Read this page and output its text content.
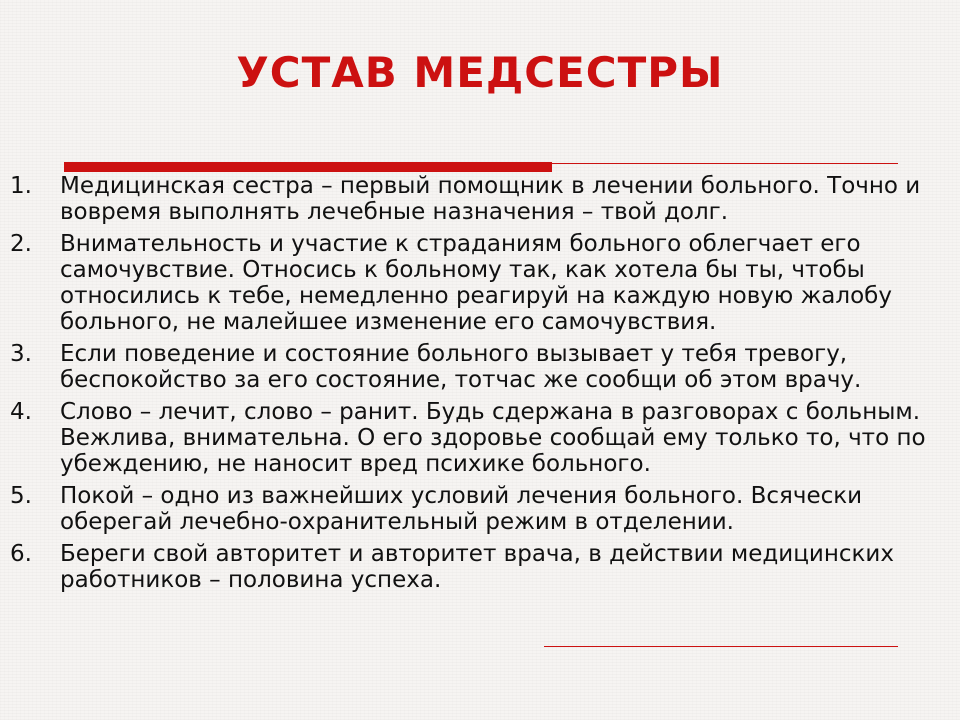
УСТАВ МЕДСЕСТРЫ
1. Медицинская сестра – первый помощник в лечении больного. Точно и вовремя выполнять лечебные назначения – твой долг.
2. Внимательность и участие к страданиям больного облегчает его самочувствие. Относись к больному так, как хотела бы ты, чтобы относились к тебе, немедленно реагируй на каждую новую жалобу больного, не малейшее изменение его самочувствия.
3. Если поведение и состояние больного вызывает у тебя тревогу, беспокойство за его состояние, тотчас же сообщи об этом врачу.
4. Слово – лечит, слово – ранит. Будь сдержана в разговорах с больным. Вежлива, внимательна. О его здоровье сообщай ему только то, что по убеждению, не наносит вред психике больного.
5. Покой – одно из важнейших условий лечения больного. Всячески оберегай лечебно-охранительный режим в отделении.
6. Береги свой авторитет и авторитет врача, в действии медицинских работников – половина успеха.
